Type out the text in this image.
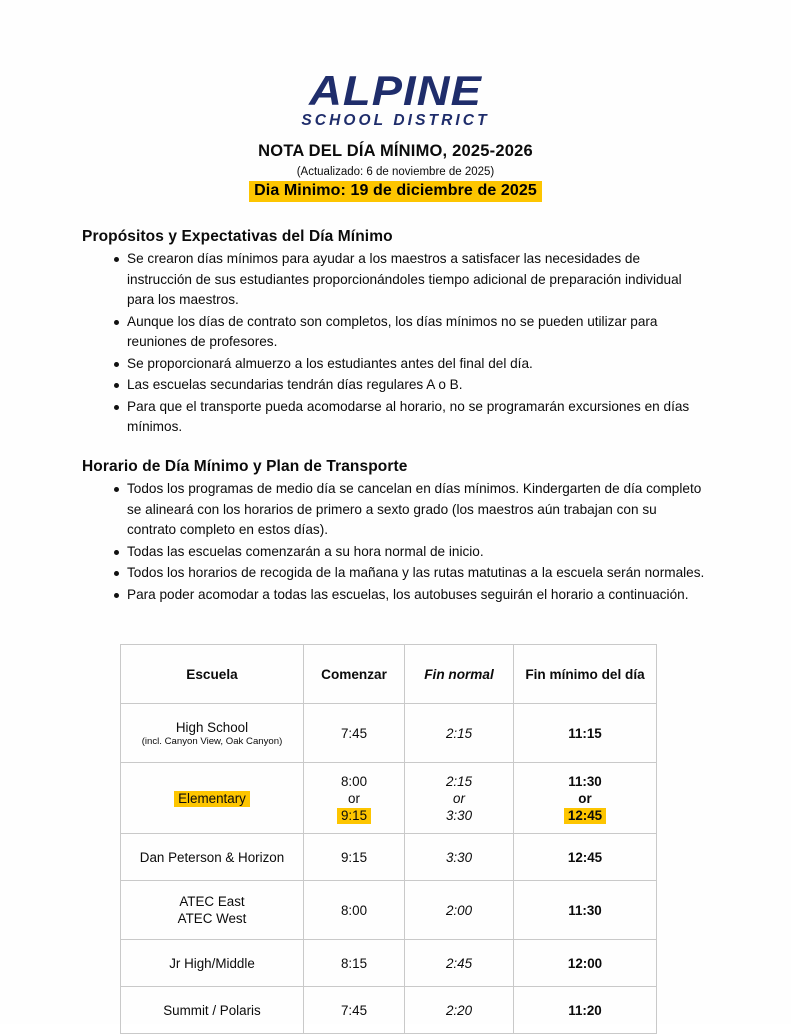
ALPINE
SCHOOL DISTRICT
NOTA DEL DÍA MÍNIMO, 2025-2026
(Actualizado: 6 de noviembre de 2025)
Dia Minimo: 19 de diciembre de 2025
Propósitos y Expectativas del Día Mínimo
Se crearon días mínimos para ayudar a los maestros a satisfacer las necesidades de instrucción de sus estudiantes proporcionándoles tiempo adicional de preparación individual para los maestros.
Aunque los días de contrato son completos, los días mínimos no se pueden utilizar para reuniones de profesores.
Se proporcionará almuerzo a los estudiantes antes del final del día.
Las escuelas secundarias tendrán días regulares A o B.
Para que el transporte pueda acomodarse al horario, no se programarán excursiones en días mínimos.
Horario de Día Mínimo y Plan de Transporte
Todos los programas de medio día se cancelan en días mínimos. Kindergarten de día completo se alineará con los horarios de primero a sexto grado (los maestros aún trabajan con su contrato completo en estos días).
Todas las escuelas comenzarán a su hora normal de inicio.
Todos los horarios de recogida de la mañana y las rutas matutinas a la escuela serán normales.
Para poder acomodar a todas las escuelas, los autobuses seguirán el horario a continuación.
Escuela	Comenzar	Fin normal	Fin mínimo del día
High School
(incl. Canyon View, Oak Canyon)	7:45	2:15	11:15
Elementary	8:00
or
9:15	2:15
or
3:30	11:30
or
12:45

Dan Peterson & Horizon	9:15	3:30	12:45

ATEC East
ATEC West	8:00	2:00	11:30
Jr High/Middle	8:15	2:45	12:00
Summit / Polaris	7:45	2:20	11:20
